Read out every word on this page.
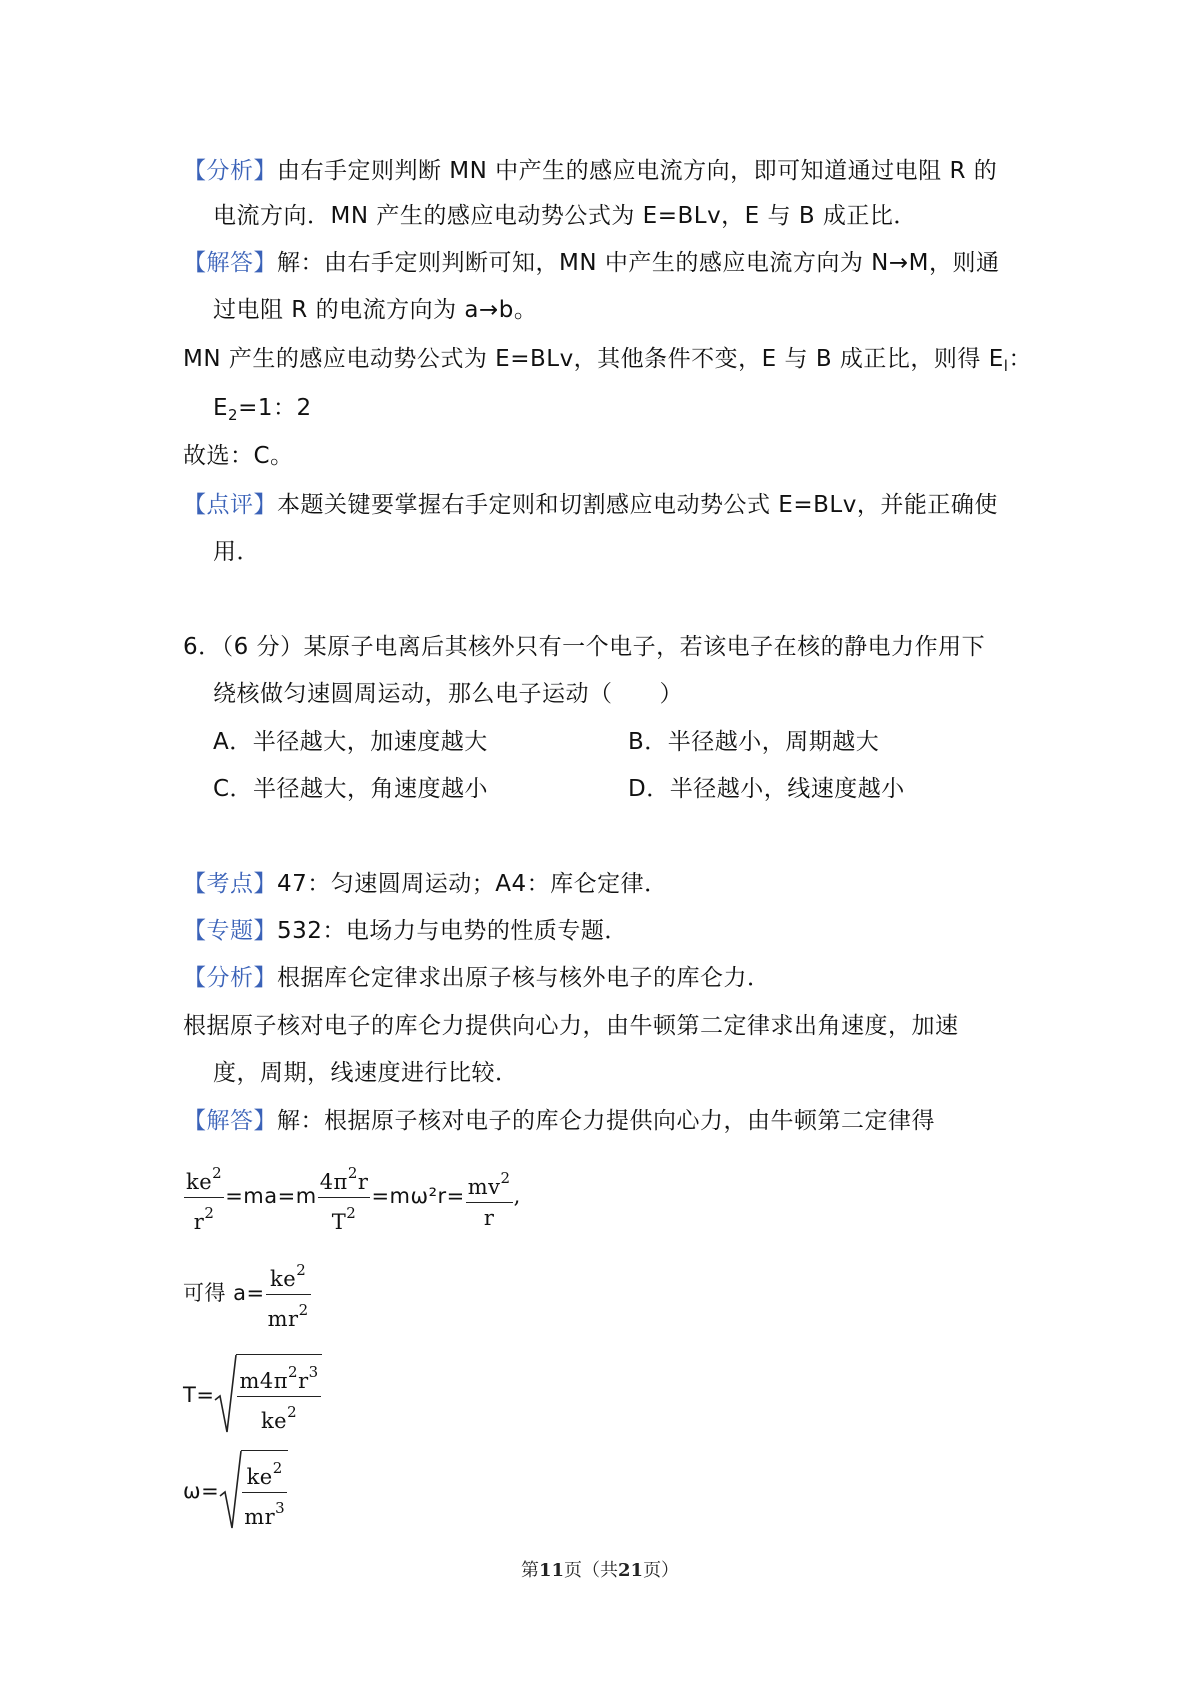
【分析】由右手定则判断 MN 中产生的感应电流方向，即可知道通过电阻 R 的
电流方向．MN 产生的感应电动势公式为 E=BLv，E 与 B 成正比．
【解答】解：由右手定则判断可知，MN 中产生的感应电流方向为 N→M，则通
过电阻 R 的电流方向为 a→b。
MN 产生的感应电动势公式为 E=BLv，其他条件不变，E 与 B 成正比，则得 $E_l$：
$E_2=1$：2
故选：C。
【点评】本题关键要掌握右手定则和切割感应电动势公式 E=BLv，并能正确使
用．
6．（6 分）某原子电离后其核外只有一个电子，若该电子在核的静电力作用下
绕核做匀速圆周运动，那么电子运动（　　）
A．半径越大，加速度越大	B．半径越小，周期越大
C．半径越大，角速度越小	D．半径越小，线速度越小
【考点】47：匀速圆周运动；A4：库仑定律．
【专题】532：电场力与电势的性质专题．
【分析】根据库仑定律求出原子核与核外电子的库仑力．
根据原子核对电子的库仑力提供向心力，由牛顿第二定律求出角速度，加速
度，周期，线速度进行比较．
【解答】解：根据原子核对电子的库仑力提供向心力，由牛顿第二定律得
$\frac{ke^2}{r^2} =ma=m \frac{4\pi^2r}{T^2} =m\omega^2r= \frac{mv^2}{r}$ ,
可得 $a= \frac{ke^2}{mr^2}$
$T= \frac{m4\pi^2r^3}{ke^2}$
$\omega= \frac{ke^2}{mr^3}$
第11页（共21页）
